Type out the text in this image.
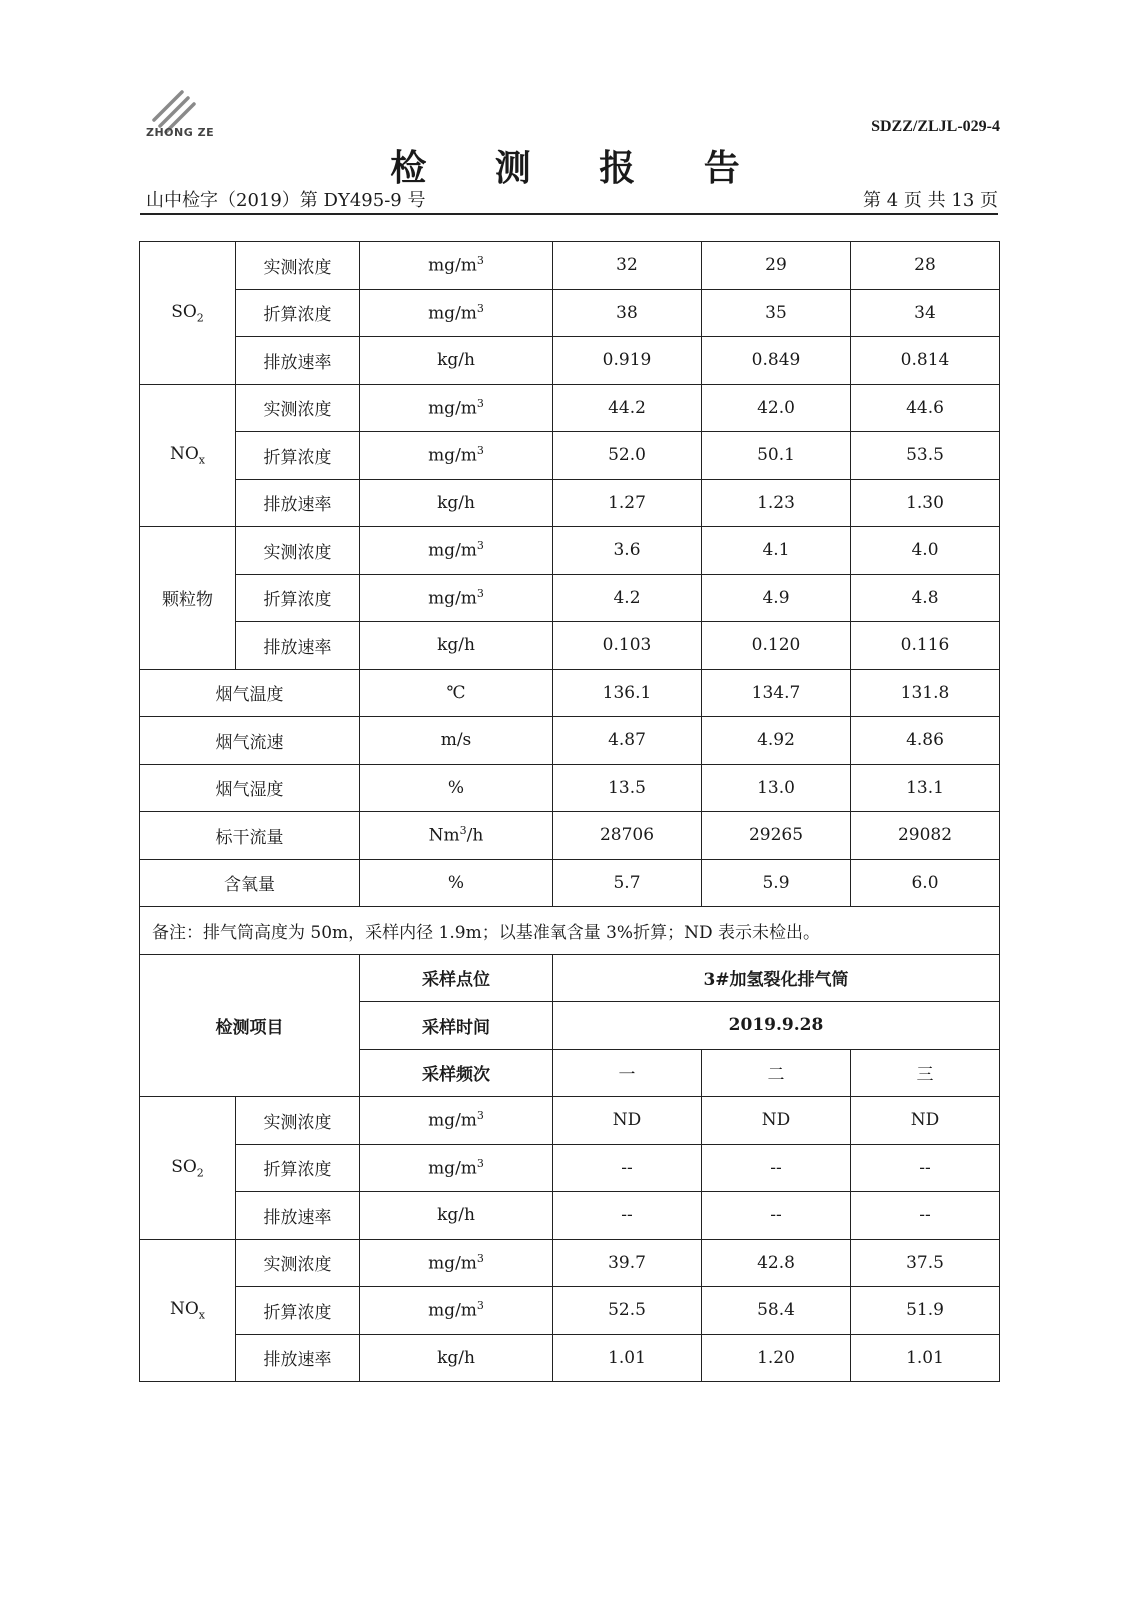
ZHONG ZE	SDZZ/ZLJL-029-4
检 测 报 告
山中检字（2019）第 DY495-9 号	第 4 页 共 13 页
$SO_2$	实测浓度	$mg/m^3$	32	29	28
	折算浓度	$mg/m^3$	38	35	34
	排放速率	kg/h	0.919	0.849	0.814
$NO_x$	实测浓度	$mg/m^3$	44.2	42.0	44.6
	折算浓度	$mg/m^3$	52.0	50.1	53.5
	排放速率	kg/h	1.27	1.23	1.30
颗粒物	实测浓度	$mg/m^3$	3.6	4.1	4.0
	折算浓度	$mg/m^3$	4.2	4.9	4.8
	排放速率	kg/h	0.103	0.120	0.116
烟气温度		℃	136.1	134.7	131.8
烟气流速		m/s	4.87	4.92	4.86
烟气湿度		%	13.5	13.0	13.1
标干流量		Nm$^3$/h	28706	29265	29082
含氧量		%	5.7	5.9	6.0
备注：排气筒高度为 50m，采样内径 1.9m；以基准氧含量 3%折算；ND 表示未检出。					
检测项目		采样点位	3#加氢裂化排气筒		
		采样时间	2019.9.28		
		采样频次	一	二	三
$SO_2$	实测浓度	$mg/m^3$	ND	ND	ND
	折算浓度	$mg/m^3$	--	--	--
	排放速率	kg/h	--	--	--
$NO_x$	实测浓度	$mg/m^3$	39.7	42.8	37.5
	折算浓度	$mg/m^3$	52.5	58.4	51.9
	排放速率	kg/h	1.01	1.20	1.01
